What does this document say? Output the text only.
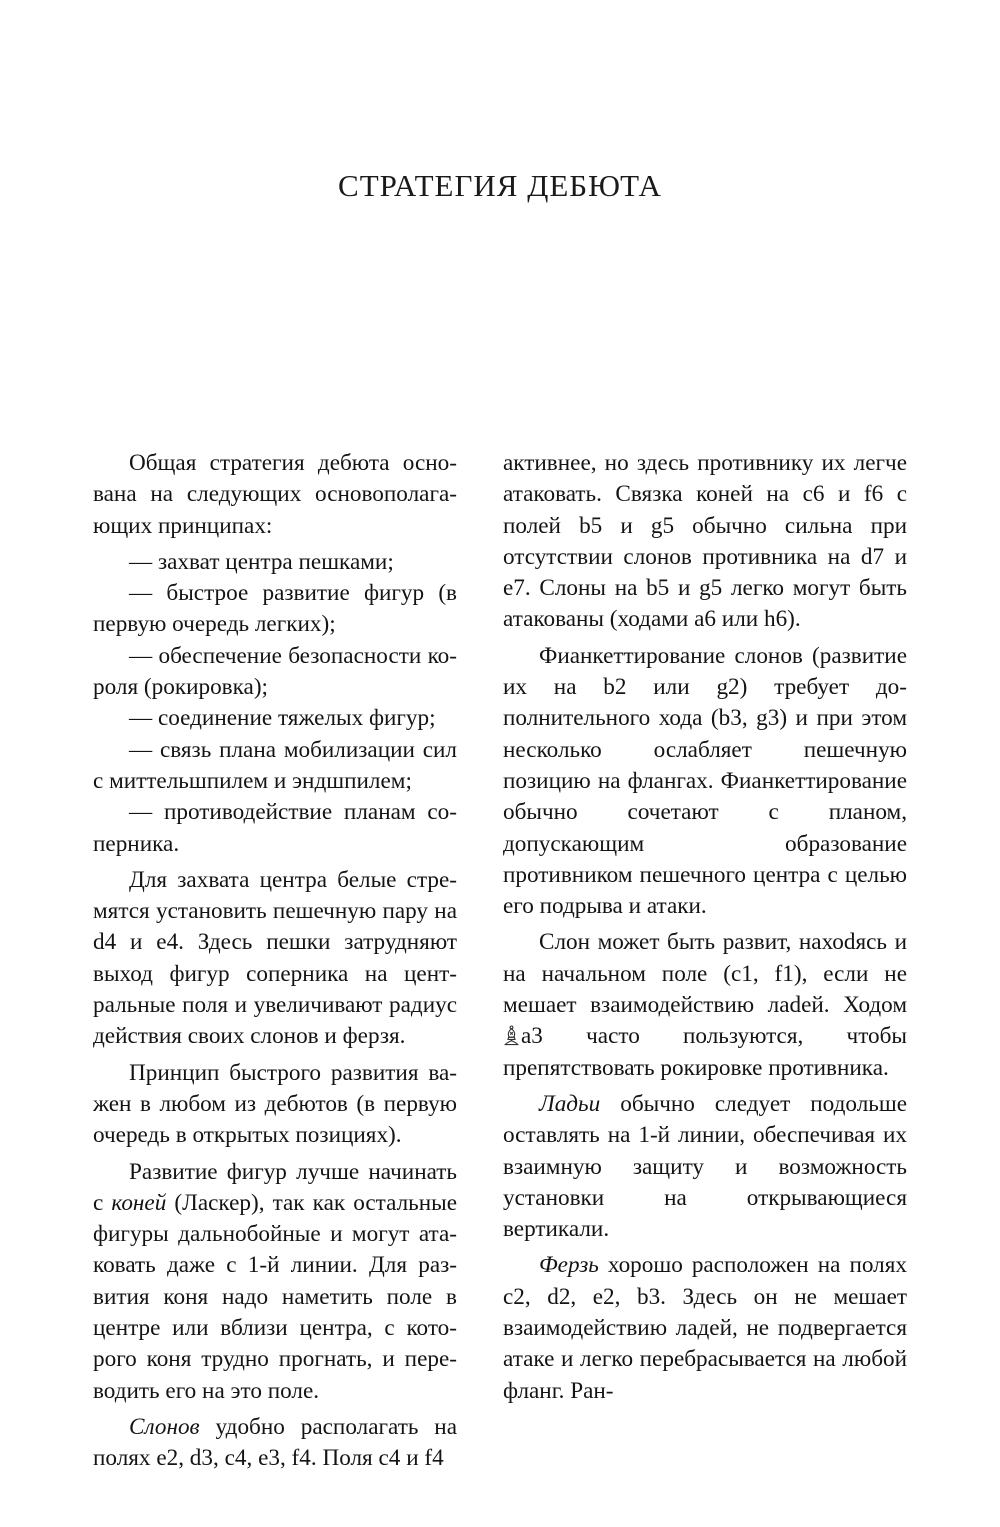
СТРАТЕГИЯ ДЕБЮТА

Общая стратегия дебюта основана на следующих основополагающих принципах:

— захват центра пешками;

— быстрое развитие фигур (в первую очередь легких);

— обеспечение безопасности короля (рокировка);

— соединение тяжелых фигур;

— связь плана мобилизации сил с миттельшпилем и эндшпилем;

— противодействие планам соперника.

Для захвата центра белые стремятся установить пешечную пару на d4 и е4. Здесь пешки затрудняют выход фигур соперника на центральные поля и увеличивают радиус действия своих слонов и ферзя.

Принцип быстрого развития важен в любом из дебютов (в первую очередь в открытых позициях).

Развитие фигур лучше начинать с коней (Ласкер), так как остальные фигуры дальнобойные и могут атаковать даже с 1-й линии. Для развития коня надо наметить поле в центре или вблизи центра, с которого коня трудно прогнать, и переводить его на это поле.

Слонов удобно располагать на полях е2, d3, с4, е3, f4. Поля с4 и f4

активнее, но здесь противнику их легче атаковать. Связка коней на с6 и f6 с полей b5 и g5 обычно сильна при отсутствии слонов противника на d7 и е7. Слоны на b5 и g5 легко могут быть атакованы (ходами а6 или h6).

Фианкеттирование слонов (развитие их на b2 или g2) требует дополнительного хода (b3, g3) и при этом несколько ослабляет пешечную позицию на флангах. Фианкеттирование обычно сочетают с планом, допускающим образование противником пешечного центра с целью его подрыва и атаки.

Слон может быть развит, нахоdясь и на начальном поле (с1, f1), если не мешает взаимодействию лаdей. Ходом a3 часто пользуются, чтобы препятствовать рокировке противника.

Ладьи обычно следует подольше оставлять на 1-й линии, обеспечивая их взаимную защиту и возможность установки на открывающиеся вертикали.

Ферзь хорошо расположен на полях с2, d2, е2, b3. Здесь он не мешает взаимодействию ладей, не подвергается атаке и легко перебрасывается на любой фланг. Ран-
